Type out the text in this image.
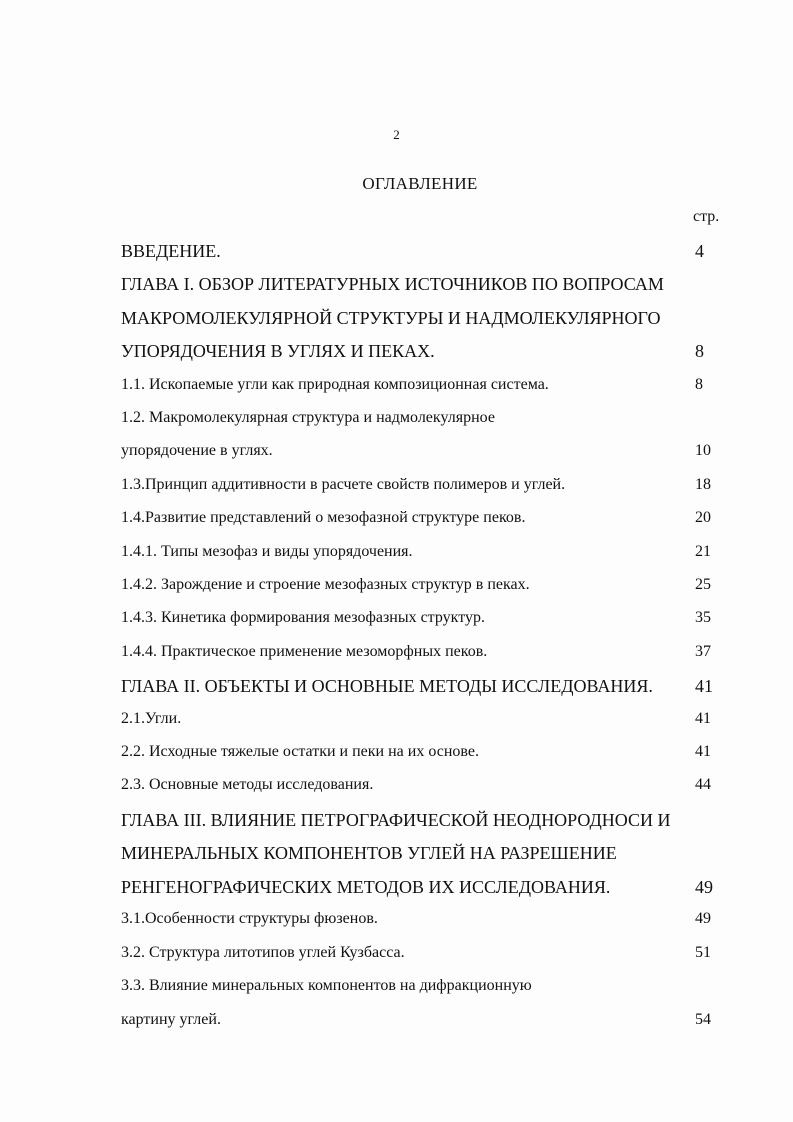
2
ОГЛАВЛЕНИЕ
стр.
ВВЕДЕНИЕ.	4
ГЛАВА I. ОБЗОР ЛИТЕРАТУРНЫХ ИСТОЧНИКОВ ПО ВОПРОСАМ
МАКРОМОЛЕКУЛЯРНОЙ СТРУКТУРЫ И НАДМОЛЕКУЛЯРНОГО
УПОРЯДОЧЕНИЯ В УГЛЯХ И ПЕКАХ.	8
1.1. Ископаемые угли как природная композиционная система.	8
1.2. Макромолекулярная структура и надмолекулярное
упорядочение в углях.	10
1.3.Принцип аддитивности в расчете свойств полимеров и углей.	18
1.4.Развитие представлений о мезофазной структуре пеков.	20
1.4.1. Типы мезофаз и виды упорядочения.	21
1.4.2. Зарождение и строение мезофазных структур в пеках.	25
1.4.3. Кинетика формирования мезофазных структур.	35
1.4.4. Практическое применение мезоморфных пеков.	37
ГЛАВА II. ОБЪЕКТЫ И ОСНОВНЫЕ МЕТОДЫ ИССЛЕДОВАНИЯ. 41
2.1.Угли.	41
2.2. Исходные тяжелые остатки и пеки на их основе.	41
2.3. Основные методы исследования.	44
ГЛАВА III. ВЛИЯНИЕ ПЕТРОГРАФИЧЕСКОЙ НЕОДНОРОДНОСИ И
МИНЕРАЛЬНЫХ КОМПОНЕНТОВ УГЛЕЙ НА РАЗРЕШЕНИЕ
РЕНГЕНОГРАФИЧЕСКИХ МЕТОДОВ ИХ ИССЛЕДОВАНИЯ.	49
3.1.Особенности структуры фюзенов.	49
3.2. Структура литотипов углей Кузбасса.	51
3.3. Влияние минеральных компонентов на дифракционную
картину углей.	54
